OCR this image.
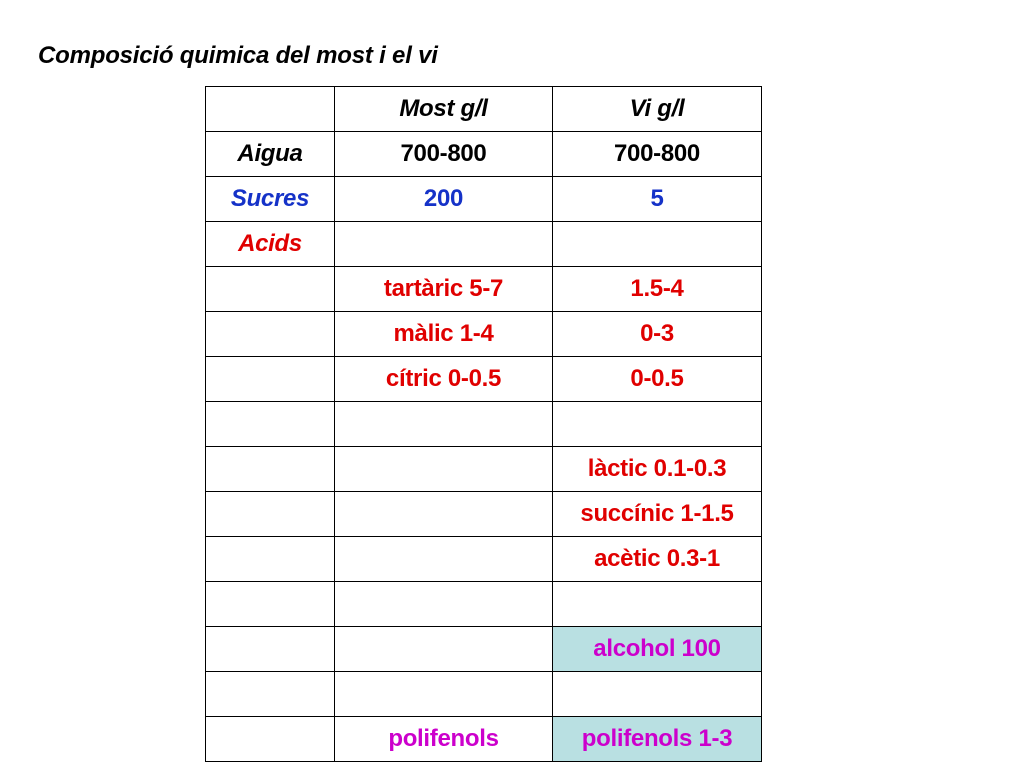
Composició quimica del most i el vi
	Most g/l	Vi g/l
Aigua	700-800	700-800
Sucres	200	5
Acids		
	tartàric 5-7	1.5-4
	màlic 1-4	0-3
	cítric 0-0.5	0-0.5

		làctic 0.1-0.3
		succínic 1-1.5
		acètic 0.3-1

		alcohol 100

	polifenols	polifenols 1-3
